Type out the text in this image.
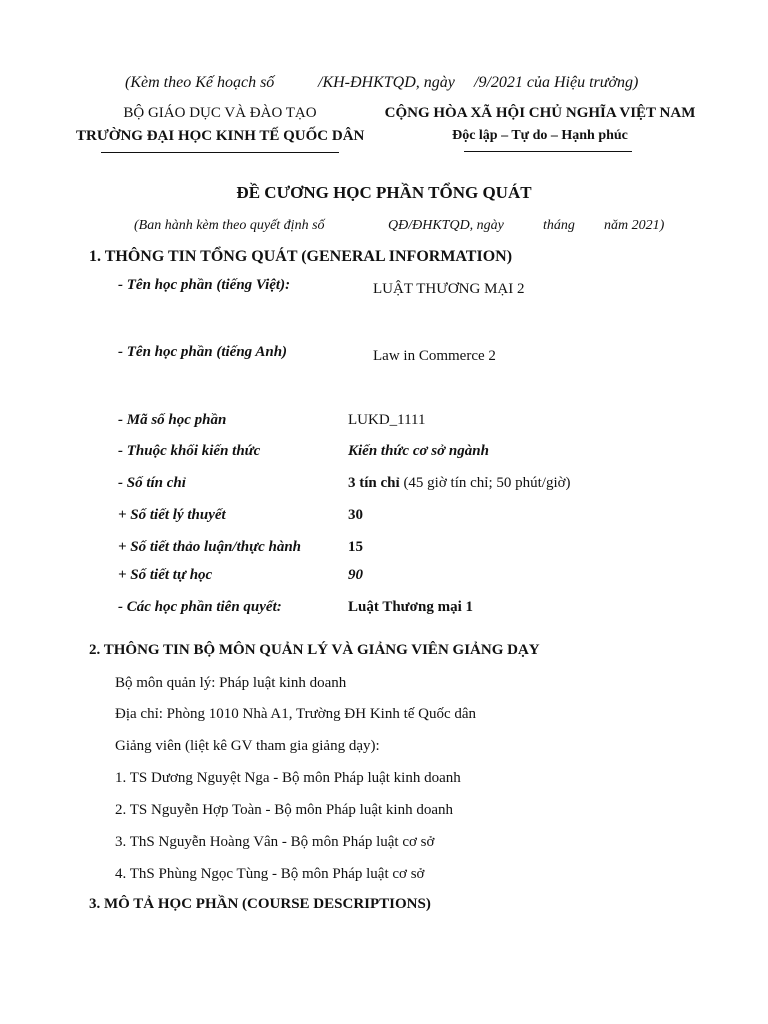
(Kèm theo Kế hoạch số	/KH-ĐHKTQD, ngày /9/2021 của Hiệu trưởng)
BỘ GIÁO DỤC VÀ ĐÀO TẠO
TRƯỜNG ĐẠI HỌC KINH TẾ QUỐC DÂN
CỘNG HÒA XÃ HỘI CHỦ NGHĨA VIỆT NAM
Độc lập – Tự do – Hạnh phúc
ĐỀ CƯƠNG HỌC PHẦN TỔNG QUÁT
(Ban hành kèm theo quyết định số	QĐ/ĐHKTQD, ngày	tháng năm 2021)
1. THÔNG TIN TỔNG QUÁT (GENERAL INFORMATION)
- Tên học phần (tiếng Việt):	LUẬT THƯƠNG MẠI 2
- Tên học phần (tiếng Anh)	Law in Commerce 2
- Mã số học phần	LUKD_1111
- Thuộc khối kiến thức	Kiến thức cơ sở ngành
- Số tín chỉ	3 tín chỉ (45 giờ tín chỉ; 50 phút/giờ)
+ Số tiết lý thuyết	30
+ Số tiết thảo luận/thực hành	15
+ Số tiết tự học	90
- Các học phần tiên quyết:	Luật Thương mại 1
2. THÔNG TIN BỘ MÔN QUẢN LÝ VÀ GIẢNG VIÊN GIẢNG DẠY
Bộ môn quản lý: Pháp luật kinh doanh
Địa chỉ: Phòng 1010 Nhà A1, Trường ĐH Kinh tế Quốc dân
Giảng viên (liệt kê GV tham gia giảng dạy):
1. TS Dương Nguyệt Nga - Bộ môn Pháp luật kinh doanh
2. TS Nguyễn Hợp Toàn - Bộ môn Pháp luật kinh doanh
3. ThS Nguyễn Hoàng Vân - Bộ môn Pháp luật cơ sở
4. ThS Phùng Ngọc Tùng - Bộ môn Pháp luật cơ sở
3. MÔ TẢ HỌC PHẦN (COURSE DESCRIPTIONS)
